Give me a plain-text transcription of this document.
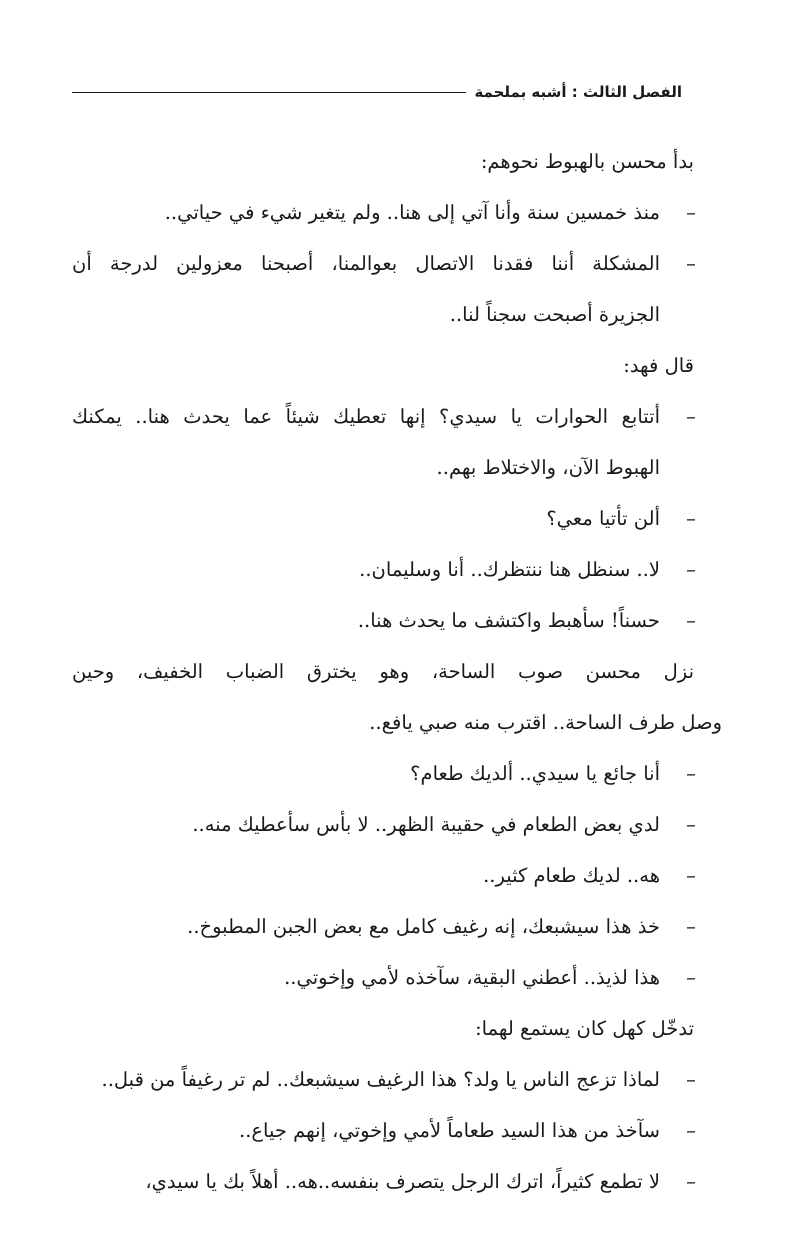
الفصل الثالث : أشبه بملحمة
بدأ محسن بالهبوط نحوهم:
–
منذ خمسين سنة وأنا آتي إلى هنا.. ولم يتغير شيء في حياتي..
–
المشكلة أننا فقدنا الاتصال بعوالمنا، أصبحنا معزولين لدرجة أن
الجزيرة أصبحت سجناً لنا..
قال فهد:
–
أتتابع الحوارات يا سيدي؟ إنها تعطيك شيئاً عما يحدث هنا.. يمكنك
الهبوط الآن، والاختلاط بهم..
–
ألن تأتيا معي؟
–
لا.. سنظل هنا ننتظرك.. أنا وسليمان..
–
حسناً! سأهبط واكتشف ما يحدث هنا..
نزل محسن صوب الساحة، وهو يخترق الضباب الخفيف، وحين
وصل طرف الساحة.. اقترب منه صبي يافع..
–
أنا جائع يا سيدي.. ألديك طعام؟
–
لدي بعض الطعام في حقيبة الظهر.. لا بأس سأعطيك منه..
–
هه.. لديك طعام كثير..
–
خذ هذا سيشبعك، إنه رغيف كامل مع بعض الجبن المطبوخ..
–
هذا لذيذ.. أعطني البقية، سآخذه لأمي وإخوتي..
تدخّل كهل كان يستمع لهما:
–
لماذا تزعج الناس يا ولد؟ هذا الرغيف سيشبعك.. لم تر رغيفاً من قبل..
–
سآخذ من هذا السيد طعاماً لأمي وإخوتي، إنهم جياع..
–
لا تطمع كثيراً، اترك الرجل يتصرف بنفسه..هه.. أهلاً بك يا سيدي،
